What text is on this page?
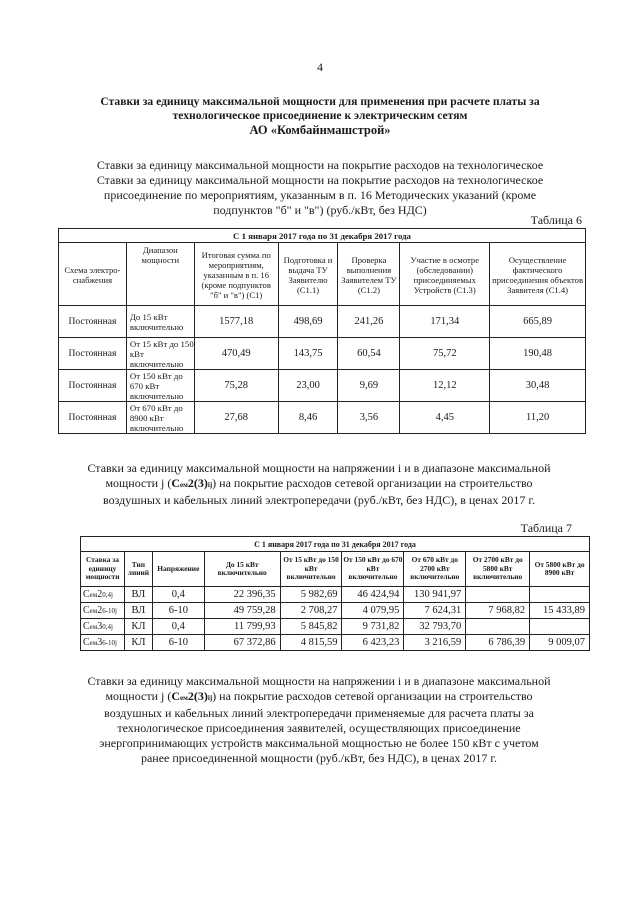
4
Ставки за единицу максимальной мощности для применения при расчете платы за
технологическое присоединение к электрическим сетям
АО «Комбайнмашстрой»
Ставки за единицу максимальной мощности на покрытие расходов на технологическое
Ставки за единицу максимальной мощности на покрытие расходов на технологическое
присоединение по мероприятиям, указанным в п. 16 Методических указаний (кроме
подпунктов "б" и "в") (руб./кВт, без НДС)
Таблица 6
С 1 января 2017 года по 31 декабря 2017 года						
Схема электро-снабжения	Диапазон мощности	Итоговая сумма по мероприятиям, указанным в п. 16 (кроме подпунктов "б" и "в") (С1)	Подготовка и выдача ТУ Заявителю (С1.1)	Проверка выполнения Заявителем ТУ (С1.2)	Участие в осмотре (обследовании) присоединяемых Устройств (С1.3)	Осуществление фактического присоединения объектов Заявителя (С1.4)
Постоянная	До 15 кВт включительно	1577,18	498,69	241,26	171,34	665,89
Постоянная	От 15 кВт до 150 кВт включительно	470,49	143,75	60,54	75,72	190,48
Постоянная	От 150 кВт до 670 кВт включительно	75,28	23,00	9,69	12,12	30,48
Постоянная	От 670 кВт до 8900 кВт включительно	27,68	8,46	3,56	4,45	11,20
Ставки за единицу максимальной мощности на напряжении i и в диапазоне максимальной
мощности j (Сем2(3)ij) на покрытие расходов сетевой организации на строительство
воздушных и кабельных линий электропередачи (руб./кВт, без НДС), в ценах 2017 г.
Таблица 7
С 1 января 2017 года по 31 декабря 2017 года								
Ставка за единицу мощности	Тип линий	Напряжение	До 15 кВт включительно	От 15 кВт до 150 кВт включительно	От 150 кВт до 670 кВт включительно	От 670 кВт до 2700 кВт включительно	От 2700 кВт до 5800 кВт включительно	От 5800 кВт до 8900 кВт
Сем20,4j	ВЛ	0,4	22 396,35	5 982,69	46 424,94	130 941,97		
Сем26-10j	ВЛ	6-10	49 759,28	2 708,27	4 079,95	7 624,31	7 968,82	15 433,89
Сем30,4j	КЛ	0,4	11 799,93	5 845,82	9 731,82	32 793,70		
Сем36-10j	КЛ	6-10	67 372,86	4 815,59	6 423,23	3 216,59	6 786,39	9 009,07
Ставки за единицу максимальной мощности на напряжении i и в диапазоне максимальной
мощности j (Сем2(3)ij) на покрытие расходов сетевой организации на строительство
воздушных и кабельных линий электропередачи применяемые для расчета платы за
технологическое присоединения заявителей, осуществляющих присоединение
энергопринимающих устройств максимальной мощностью не более 150 кВт с учетом
ранее присоединенной мощности (руб./кВт, без НДС), в ценах 2017 г.
